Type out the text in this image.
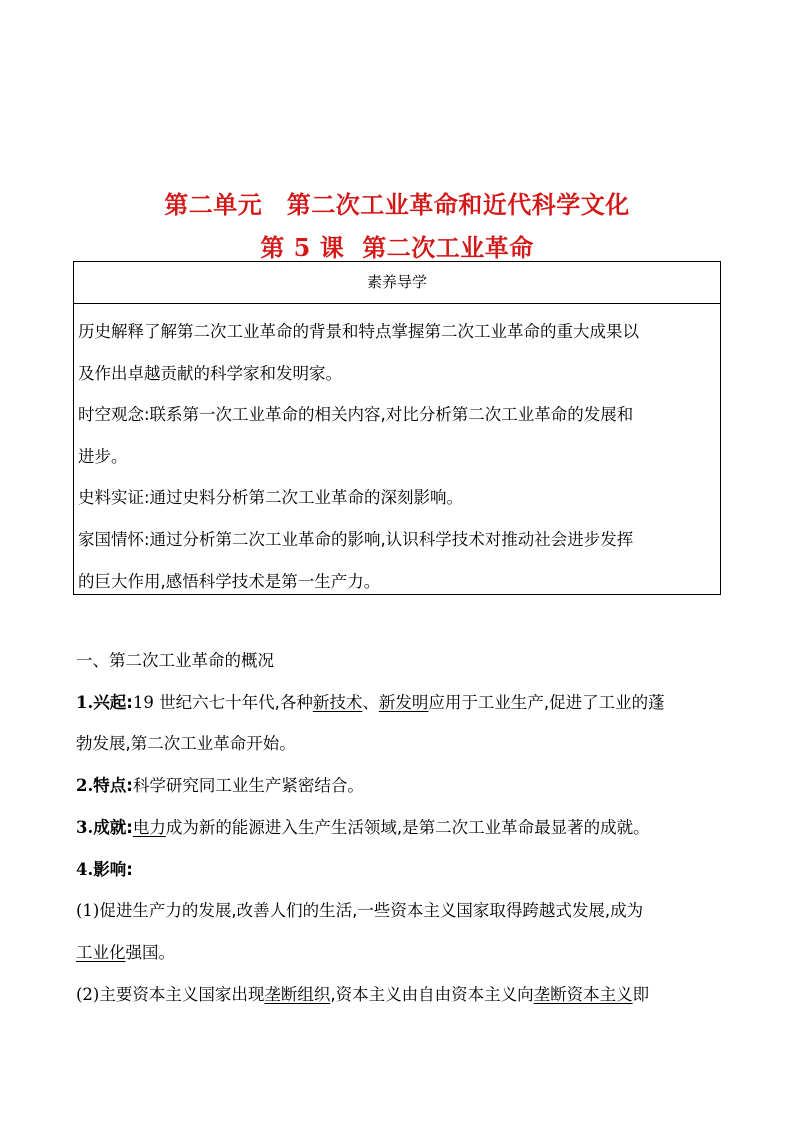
第二单元　第二次工业革命和近代科学文化
第 5 课 第二次工业革命
素养导学

历史解释了解第二次工业革命的背景和特点掌握第二次工业革命的重大成果以

及作出卓越贡献的科学家和发明家。

时空观念:联系第一次工业革命的相关内容,对比分析第二次工业革命的发展和

进步。

史料实证:通过史料分析第二次工业革命的深刻影响。

家国情怀:通过分析第二次工业革命的影响,认识科学技术对推动社会进步发挥

的巨大作用,感悟科学技术是第一生产力。

一、第二次工业革命的概况

1.兴起:19 世纪六七十年代,各种新技术、新发明应用于工业生产,促进了工业的蓬

勃发展,第二次工业革命开始。

2.特点:科学研究同工业生产紧密结合。

3.成就:电力成为新的能源进入生产生活领域,是第二次工业革命最显著的成就。

4.影响:

(1)促进生产力的发展,改善人们的生活,一些资本主义国家取得跨越式发展,成为

工业化强国。

(2)主要资本主义国家出现垄断组织,资本主义由自由资本主义向垄断资本主义即
